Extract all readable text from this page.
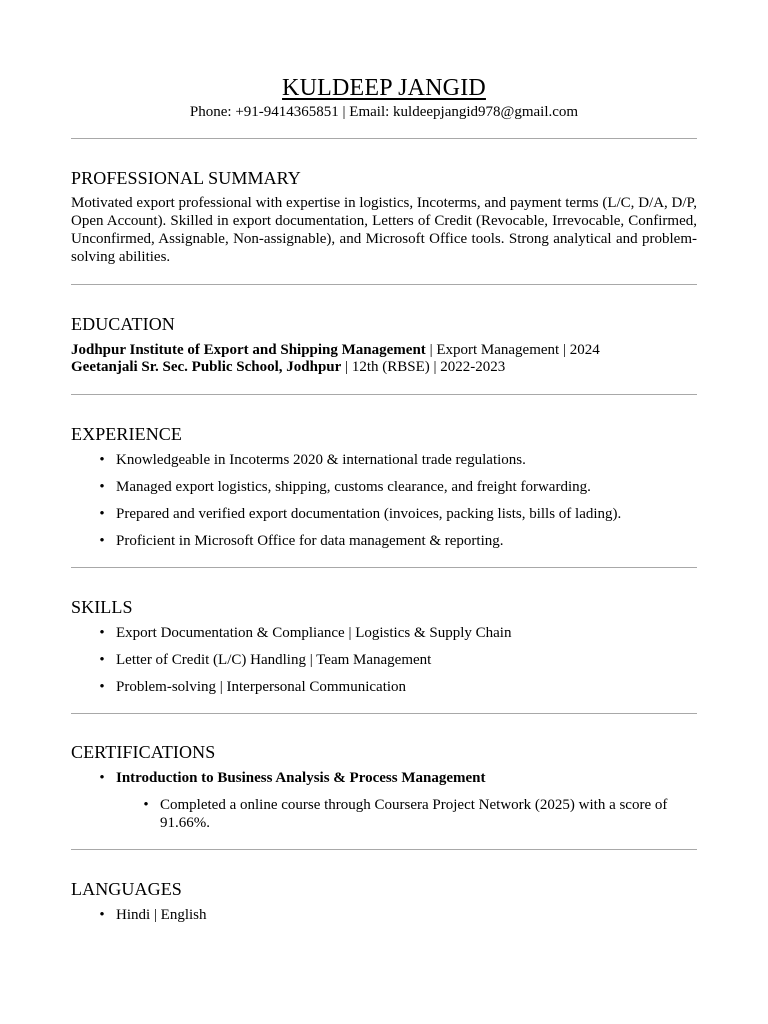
KULDEEP JANGID
Phone: +91-9414365851 | Email: kuldeepjangid978@gmail.com
PROFESSIONAL SUMMARY
Motivated export professional with expertise in logistics, Incoterms, and payment terms (L/C, D/A, D/P, Open Account). Skilled in export documentation, Letters of Credit (Revocable, Irrevocable, Confirmed, Unconfirmed, Assignable, Non-assignable), and Microsoft Office tools. Strong analytical and problem-solving abilities.
EDUCATION
Jodhpur Institute of Export and Shipping Management | Export Management | 2024
Geetanjali Sr. Sec. Public School, Jodhpur | 12th (RBSE) | 2022-2023
EXPERIENCE
• Knowledgeable in Incoterms 2020 & international trade regulations.
• Managed export logistics, shipping, customs clearance, and freight forwarding.
• Prepared and verified export documentation (invoices, packing lists, bills of lading).
• Proficient in Microsoft Office for data management & reporting.
SKILLS
• Export Documentation & Compliance | Logistics & Supply Chain
• Letter of Credit (L/C) Handling | Team Management
• Problem-solving | Interpersonal Communication
CERTIFICATIONS
• Introduction to Business Analysis & Process Management
• Completed a online course through Coursera Project Network (2025) with a score of 91.66%.
LANGUAGES
• Hindi | English
